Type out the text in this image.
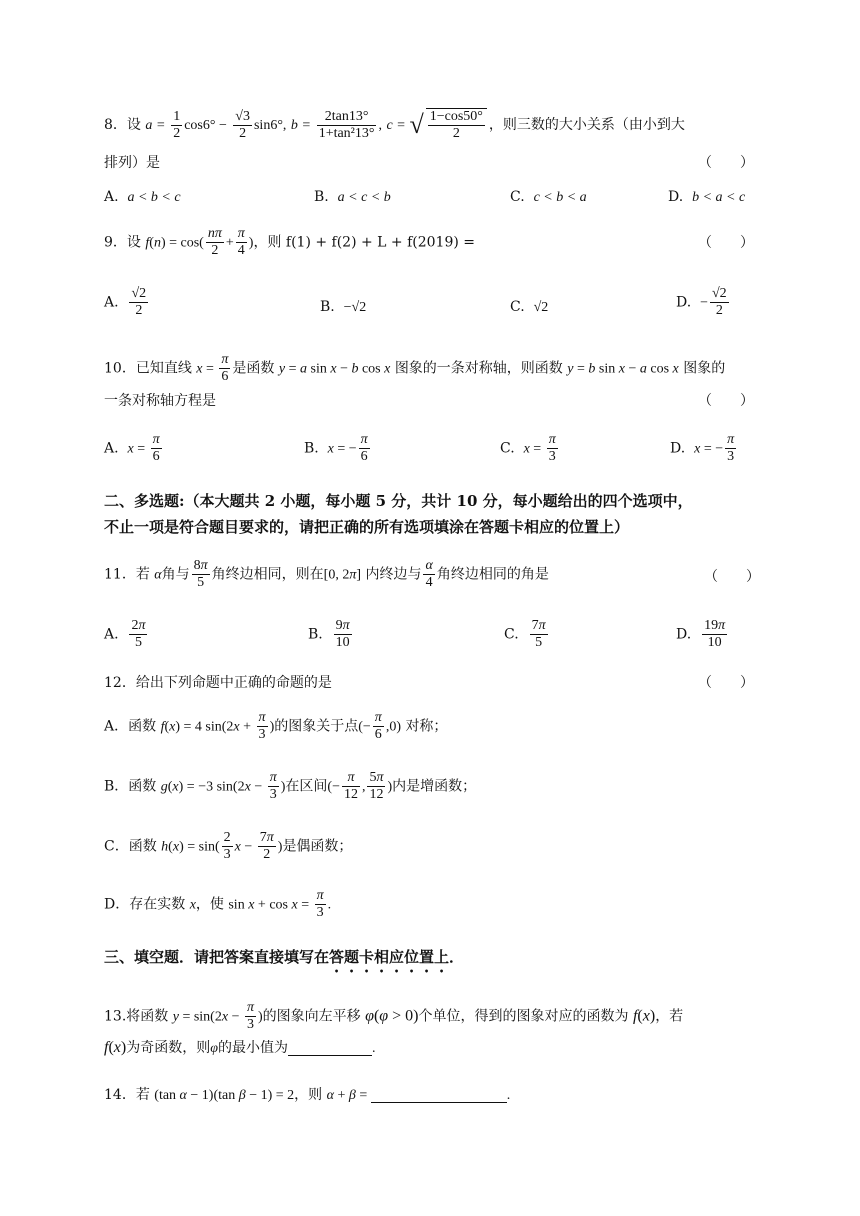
8．设 $a = \frac{1}{2} \cos 6^\circ - \frac{√3}{2} \sin 6^\circ$, $b = \frac{2\tan 13^\circ}{\text{1+tan²13°}}$ , c = √ $\frac{1-\cos 50^\circ}{2}$ ，则三数的大小关系（由小到大
排列）是	（　　）
A. a < b < c	B. a < c < b	C. c < b < a	D. b < a < c
9．设 $f(n) = \cos( \frac{n\pi}{2} + \frac{\pi}{4}$ )，则 f(1) + f(2) + L + f(2019) =	（　　）
A. $\frac{√2}{2}$	B. −√2	C. √2	D. − $\frac{√2}{2}$
10．已知直线 $x = \frac{\pi}{6}$ 是函数 y = a sin x − b cos x 图象的一条对称轴，则函数 y = b sin x − a cos x 图象的
一条对称轴方程是	（　　）
A. $x = \frac{\pi}{6}$	B. x = − $\frac{\pi}{6}$	C. $x = \frac{\pi}{3}$	D. x = − $\frac{\pi}{3}$
二、多选题:（本大题共 2 小题，每小题 5 分，共计 10 分，每小题给出的四个选项中，
不止一项是符合题目要求的，请把正确的所有选项填涂在答题卡相应的位置上）
11．若 α角与 $\frac{8\pi}{5}$ 角终边相同，则在[0, 2π] 内终边与 $\frac{\alpha}{4}$ 角终边相同的角是	（　　）
A. $\frac{2\pi}{5}$	B. $\frac{9\pi}{10}$	C. $\frac{7\pi}{5}$	D. $\frac{19\pi}{10}$
12．给出下列命题中正确的命题的是	（　　）
A．函数 f(x) = 4 $\sin(2x + \frac{\pi}{3}$ )的图象关于点(− $\frac{\pi}{6} ,0$) 对称；
B．函数 g(x) = −3 $\sin(2x - \frac{\pi}{3}$ )在区间(− $\frac{\pi}{12}$ , $\frac{5\pi}{12}$ )内是增函数；
C．函数 $h(x) = \sin( \frac{2}{3}$ $x - \frac{7\pi}{2}$ )是偶函数；
D．存在实数 x，使 $\sin x + \cos x = \frac{\pi}{3}$ .
三、填空题．请把答案直接填写在答题卡相应位置上．
13.将函数 $y = \sin(2x - \frac{\pi}{3}$ )的图象向左平移 φ(φ > 0)个单位，得到的图象对应的函数为 f(x)，若
f(x)为奇函数，则φ的最小值为	.
14．若 (tan α − 1)(tan β − 1) = 2，则 α + β =	.
